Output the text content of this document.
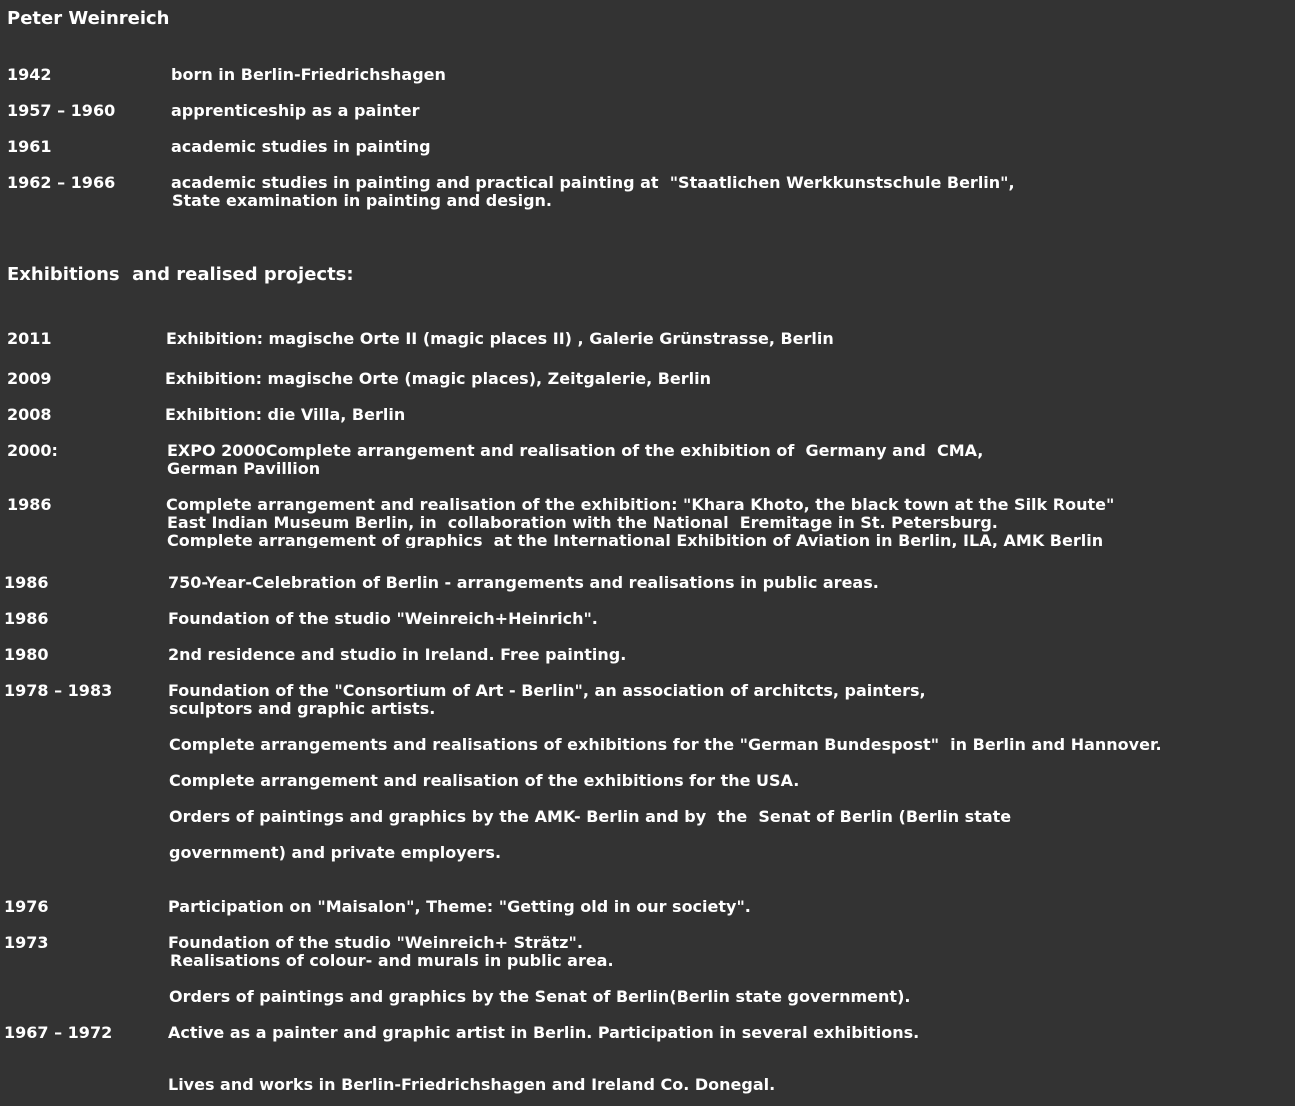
Peter Weinreich
1942	born in Berlin-Friedrichshagen
1957 – 1960	apprenticeship as a painter
1961	academic studies in painting
1962 – 1966	academic studies in painting and practical painting at  "Staatlichen Werkkunstschule Berlin",
State examination in painting and design.
Exhibitions  and realised projects:
2011	Exhibition: magische Orte II (magic places II) , Galerie Grünstrasse, Berlin
2009	Exhibition: magische Orte (magic places), Zeitgalerie, Berlin
2008	Exhibition: die Villa, Berlin
2000:	EXPO 2000Complete arrangement and realisation of the exhibition of  Germany and  CMA,
German Pavillion
1986	Complete arrangement and realisation of the exhibition: "Khara Khoto, the black town at the Silk Route"
East Indian Museum Berlin, in  collaboration with the National  Eremitage in St. Petersburg.
Complete arrangement of graphics  at the International Exhibition of Aviation in Berlin, ILA, AMK Berlin
1986	750-Year-Celebration of Berlin - arrangements and realisations in public areas.
1986	Foundation of the studio "Weinreich+Heinrich".
1980	2nd residence and studio in Ireland. Free painting.
1978 – 1983	Foundation of the "Consortium of Art - Berlin", an association of architcts, painters,
sculptors and graphic artists.
Complete arrangements and realisations of exhibitions for the "German Bundespost"  in Berlin and Hannover.
Complete arrangement and realisation of the exhibitions for the USA.
Orders of paintings and graphics by the AMK- Berlin and by  the  Senat of Berlin (Berlin state
government) and private employers.
1976	Participation on "Maisalon", Theme: "Getting old in our society".
1973	Foundation of the studio "Weinreich+ Strätz".
Realisations of colour- and murals in public area.
Orders of paintings and graphics by the Senat of Berlin(Berlin state government).
1967 – 1972	Active as a painter and graphic artist in Berlin. Participation in several exhibitions.
Lives and works in Berlin-Friedrichshagen and Ireland Co. Donegal.
